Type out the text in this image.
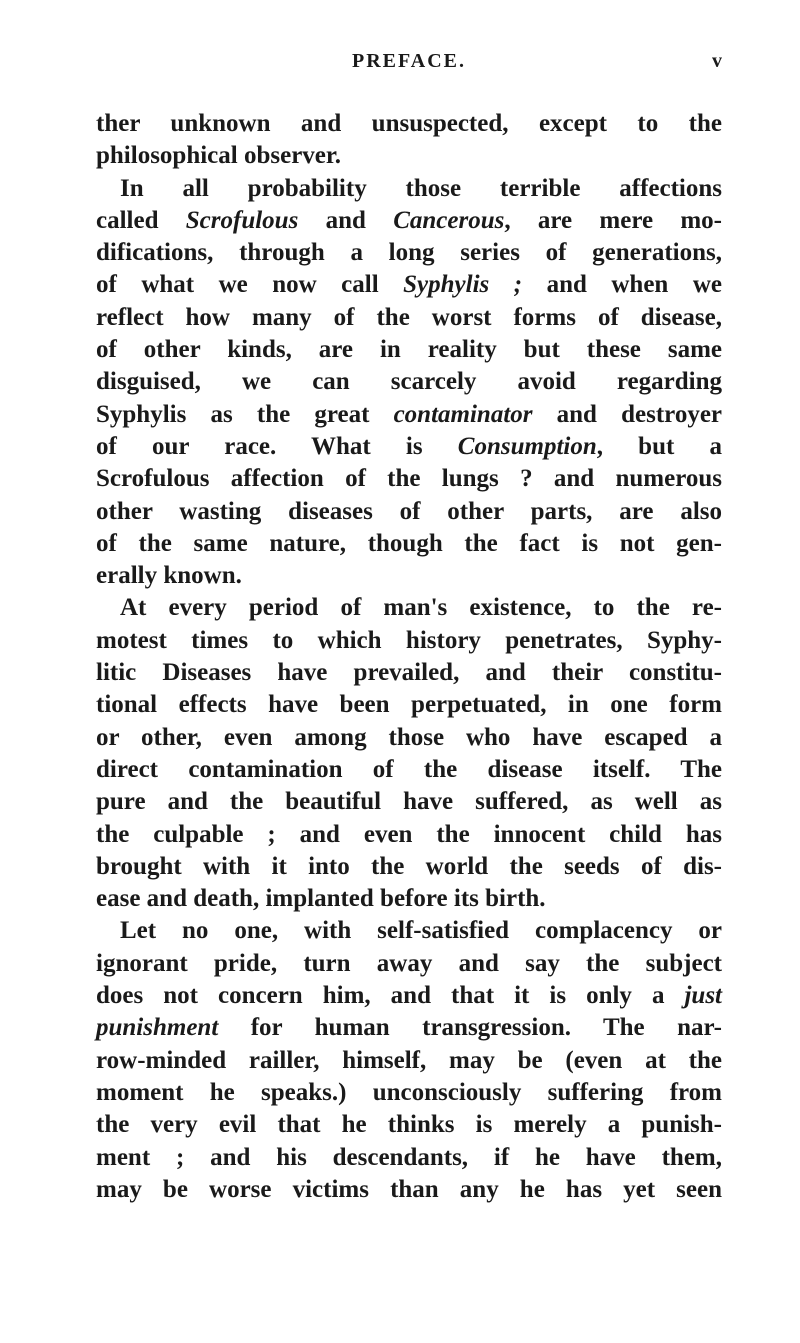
PREFACE.	v
ther unknown and unsuspected, except to the
philosophical observer.
In all probability those terrible affections
called Scrofulous and Cancerous, are mere mo-
difications, through a long series of generations,
of what we now call Syphylis ; and when we
reflect how many of the worst forms of disease,
of other kinds, are in reality but these same
disguised, we can scarcely avoid regarding
Syphylis as the great contaminator and destroyer
of our race. What is Consumption, but a
Scrofulous affection of the lungs ? and numerous
other wasting diseases of other parts, are also
of the same nature, though the fact is not gen-
erally known.
At every period of man's existence, to the re-
motest times to which history penetrates, Syphy-
litic Diseases have prevailed, and their constitu-
tional effects have been perpetuated, in one form
or other, even among those who have escaped a
direct contamination of the disease itself. The
pure and the beautiful have suffered, as well as
the culpable ; and even the innocent child has
brought with it into the world the seeds of dis-
ease and death, implanted before its birth.
Let no one, with self-satisfied complacency or
ignorant pride, turn away and say the subject
does not concern him, and that it is only a just
punishment for human transgression. The nar-
row-minded railler, himself, may be (even at the
moment he speaks.) unconsciously suffering from
the very evil that he thinks is merely a punish-
ment ; and his descendants, if he have them,
may be worse victims than any he has yet seen
